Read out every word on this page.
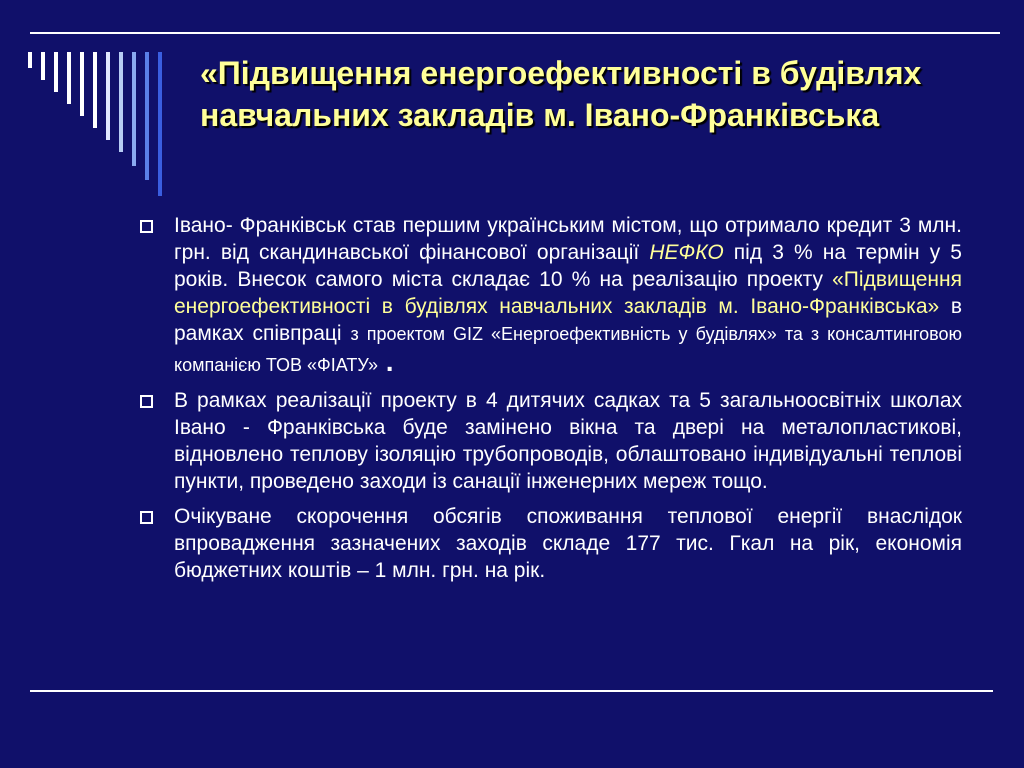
«Підвищення енергоефективності в будівлях навчальних закладів м. Івано-Франківська
Івано- Франківськ став першим українським містом, що отримало кредит 3 млн. грн. від скандинавської фінансової організації НЕФКО під 3 % на термін у 5 років. Внесок самого міста складає 10 % на реалізацію проекту «Підвищення енергоефективності в будівлях навчальних закладів м. Івано-Франківська» в рамках співпраці з проектом GIZ «Енергоефективність у будівлях» та з консалтинговою компанією ТОВ «ФІАТУ» .
В рамках реалізації проекту в 4 дитячих садках та 5 загальноосвітніх школах Івано - Франківська буде замінено вікна та двері на металопластикові, відновлено теплову ізоляцію трубопроводів, облаштовано індивідуальні теплові пункти, проведено заходи із санації інженерних мереж тощо.
Очікуване скорочення обсягів споживання теплової енергії внаслідок впровадження зазначених заходів складе 177 тис. Гкал на рік, економія бюджетних коштів – 1 млн. грн. на рік.
